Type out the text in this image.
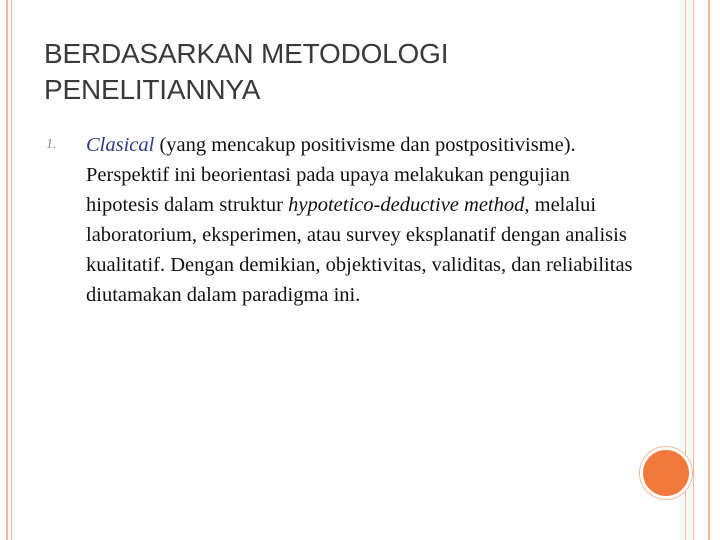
BERDASARKAN METODOLOGI PENELITIANNYA
1. Clasical (yang mencakup positivisme dan postpositivisme). Perspektif ini beorientasi pada upaya melakukan pengujian hipotesis dalam struktur hypotetico-deductive method, melalui laboratorium, eksperimen, atau survey eksplanatif dengan analisis kualitatif. Dengan demikian, objektivitas, validitas, dan reliabilitas diutamakan dalam paradigma ini.
